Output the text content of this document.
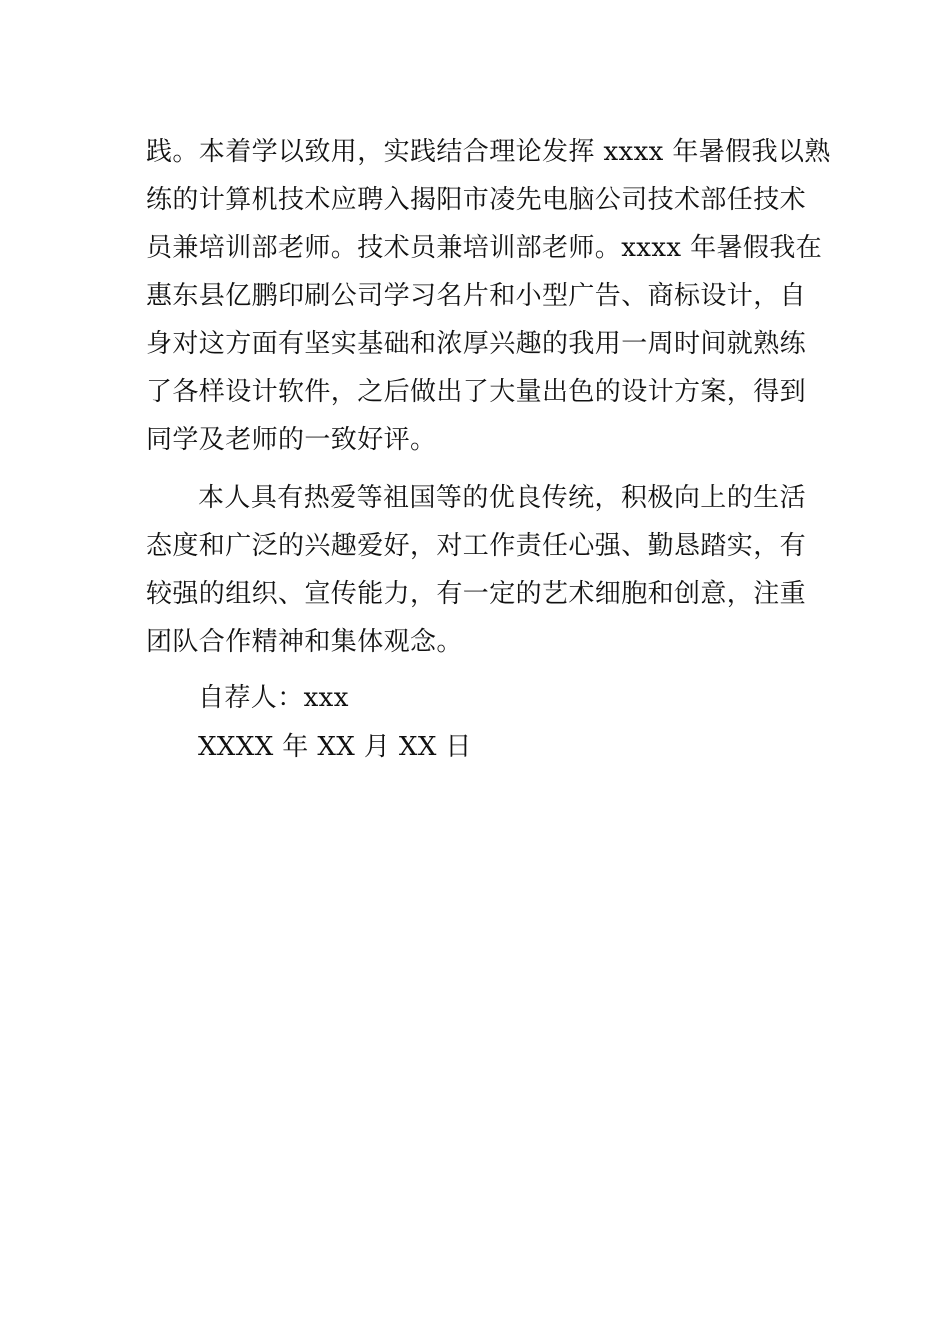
践。本着学以致用，实践结合理论发挥 xxxx 年暑假我以熟
练的计算机技术应聘入揭阳市凌先电脑公司技术部任技术
员兼培训部老师。技术员兼培训部老师。xxxx 年暑假我在
惠东县亿鹏印刷公司学习名片和小型广告、商标设计，自
身对这方面有坚实基础和浓厚兴趣的我用一周时间就熟练
了各样设计软件，之后做出了大量出色的设计方案，得到
同学及老师的一致好评。
本人具有热爱等祖国等的优良传统，积极向上的生活
态度和广泛的兴趣爱好，对工作责任心强、勤恳踏实，有
较强的组织、宣传能力，有一定的艺术细胞和创意，注重
团队合作精神和集体观念。
自荐人：xxx
XXXX 年 XX 月 XX 日
